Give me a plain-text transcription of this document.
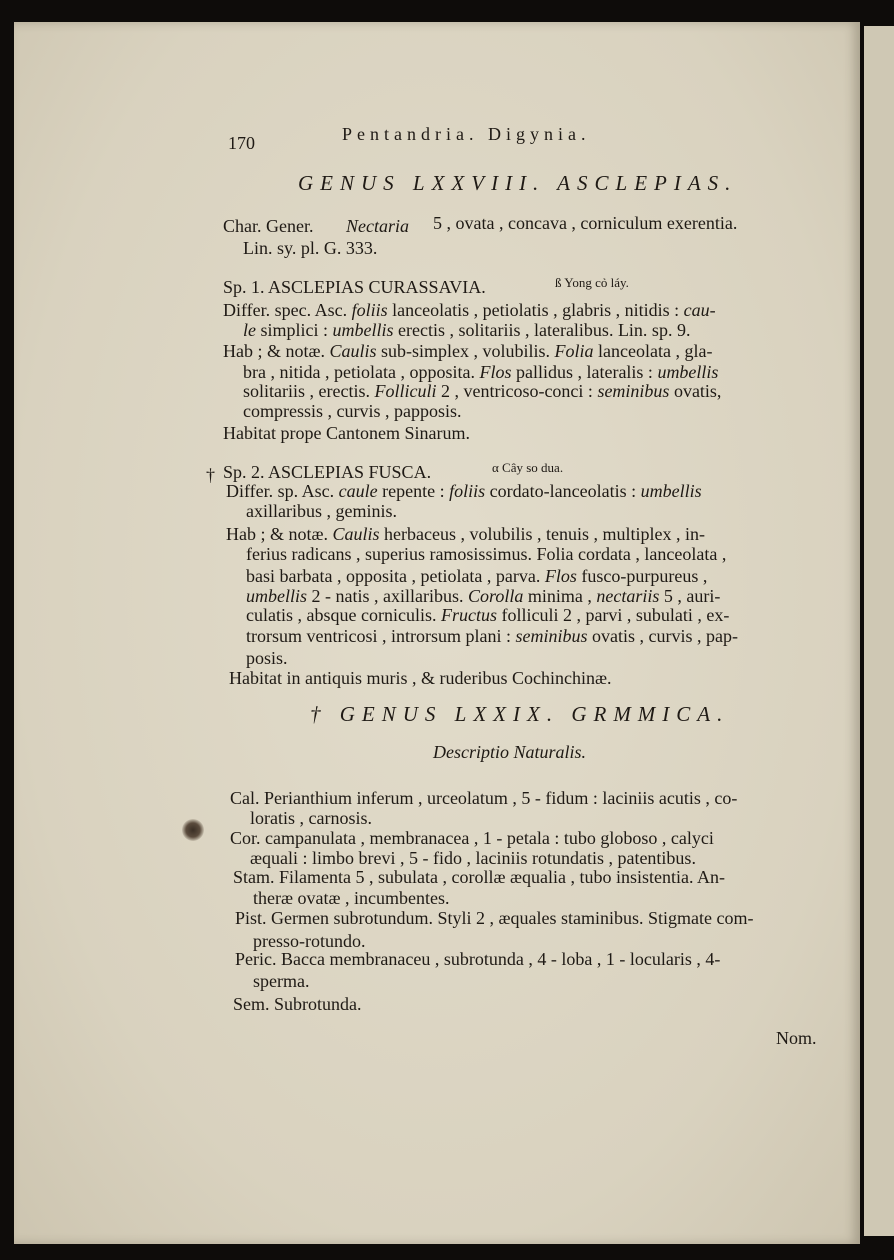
170	Pentandria. Digynia.
GENUS LXXVIII. ASCLEPIAS.
Char. Gener. Nectaria 5 , ovata , concava , corniculum exerentia.
Lin. sy. pl. G. 333.
Sp. 1. ASCLEPIAS CURASSAVIA.	ß Yong cỏ láy.
Differ. spec. Asc. foliis lanceolatis , petiolatis , glabris , nitidis : cau-
le simplici : umbellis erectis , solitariis , lateralibus. Lin. sp. 9.
Hab ; & notæ. Caulis sub-simplex , volubilis. Folia lanceolata , gla-
bra , nitida , petiolata , opposita. Flos pallidus , lateralis : umbellis
solitariis , erectis. Folliculi 2 , ventricoso-conci : seminibus ovatis,
compressis , curvis , papposis.
Habitat prope Cantonem Sinarum.
† Sp. 2. ASCLEPIAS FUSCA.	α Cây so dua.
Differ. sp. Asc. caule repente : foliis cordato-lanceolatis : umbellis
axillaribus , geminis.
Hab ; & notæ. Caulis herbaceus , volubilis , tenuis , multiplex , in-
ferius radicans , superius ramosissimus. Folia cordata , lanceolata ,
basi barbata , opposita , petiolata , parva. Flos fusco-purpureus ,
umbellis 2 - natis , axillaribus. Corolla minima , nectariis 5 , auri-
culatis , absque corniculis. Fructus folliculi 2 , parvi , subulati , ex-
trorsum ventricosi , introrsum plani : seminibus ovatis , curvis , pap-
posis.
Habitat in antiquis muris , & ruderibus Cochinchinæ.
† GENUS LXXIX. GRMMICA.
Descriptio Naturalis.
Cal. Perianthium inferum , urceolatum , 5 - fidum : laciniis acutis , co-
loratis , carnosis.
Cor. campanulata , membranacea , 1 - petala : tubo globoso , calyci
æquali : limbo brevi , 5 - fido , laciniis rotundatis , patentibus.
Stam. Filamenta 5 , subulata , corollæ æqualia , tubo insistentia. An-
theræ ovatæ , incumbentes.
Pist. Germen subrotundum. Styli 2 , æquales staminibus. Stigmate com-
presso-rotundo.
Peric. Bacca membranaceu , subrotunda , 4 - loba , 1 - locularis , 4-
sperma.
Sem. Subrotunda.
Nom.
